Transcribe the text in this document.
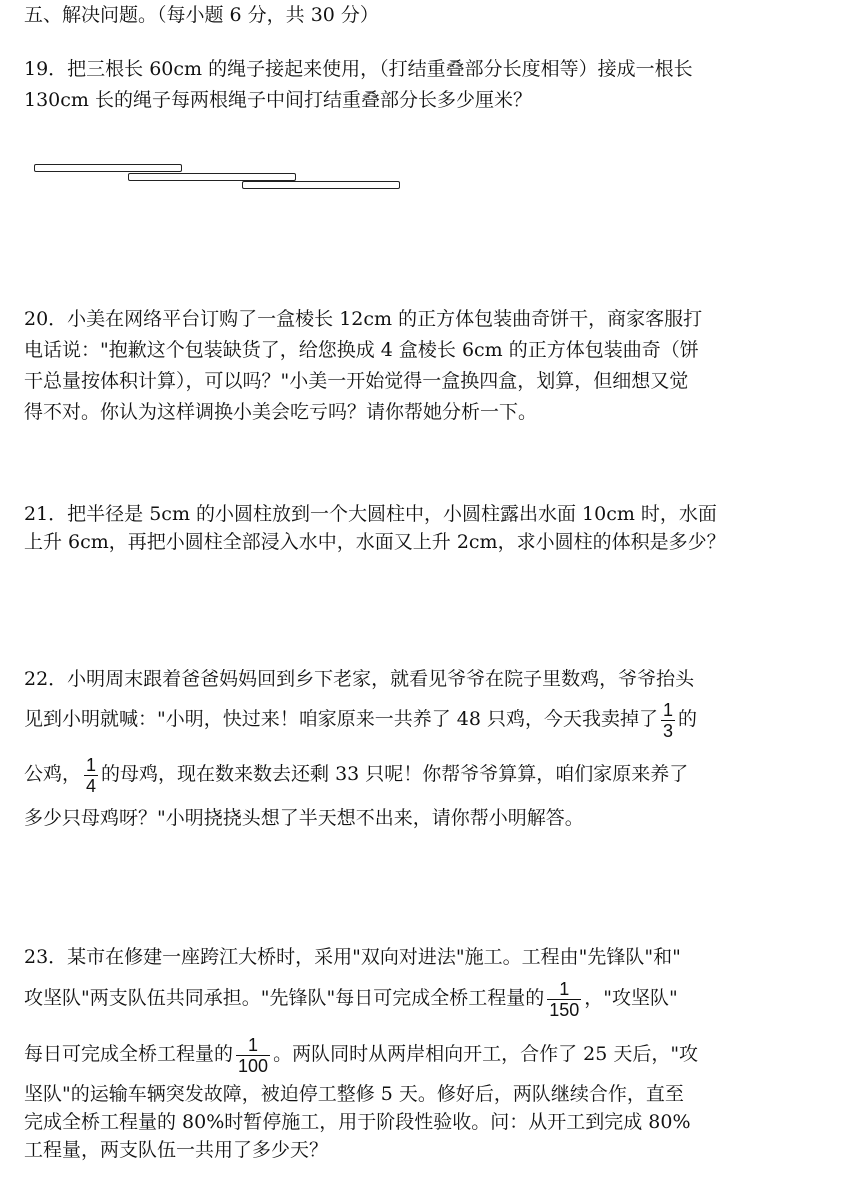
五、解决问题。（每小题 6 分，共 30 分）
19．把三根长 60cm 的绳子接起来使用，（打结重叠部分长度相等）接成一根长
130cm 长的绳子每两根绳子中间打结重叠部分长多少厘米？
20．小美在网络平台订购了一盒棱长 12cm 的正方体包装曲奇饼干，商家客服打
电话说："抱歉这个包装缺货了，给您换成 4 盒棱长 6cm 的正方体包装曲奇（饼
干总量按体积计算），可以吗？"小美一开始觉得一盒换四盒，划算，但细想又觉
得不对。你认为这样调换小美会吃亏吗？请你帮她分析一下。
21．把半径是 5cm 的小圆柱放到一个大圆柱中，小圆柱露出水面 10cm 时，水面
上升 6cm，再把小圆柱全部浸入水中，水面又上升 2cm，求小圆柱的体积是多少？
22．小明周末跟着爸爸妈妈回到乡下老家，就看见爷爷在院子里数鸡，爷爷抬头
见到小明就喊："小明，快过来！咱家原来一共养了 48 只鸡，今天我卖掉了 $\frac{1}{3}$ 的
公鸡， $\frac{1}{4}$ 的母鸡，现在数来数去还剩 33 只呢！你帮爷爷算算，咱们家原来养了
多少只母鸡呀？"小明挠挠头想了半天想不出来，请你帮小明解答。
23．某市在修建一座跨江大桥时，采用"双向对进法"施工。工程由"先锋队"和"
攻坚队"两支队伍共同承担。"先锋队"每日可完成全桥工程量的 $\frac{1}{150}$ ，"攻坚队"
每日可完成全桥工程量的 $\frac{1}{100}$ 。两队同时从两岸相向开工，合作了 25 天后，"攻
坚队"的运输车辆突发故障，被迫停工整修 5 天。修好后，两队继续合作，直至
完成全桥工程量的 80%时暂停施工，用于阶段性验收。问：从开工到完成 80%
工程量，两支队伍一共用了多少天？
